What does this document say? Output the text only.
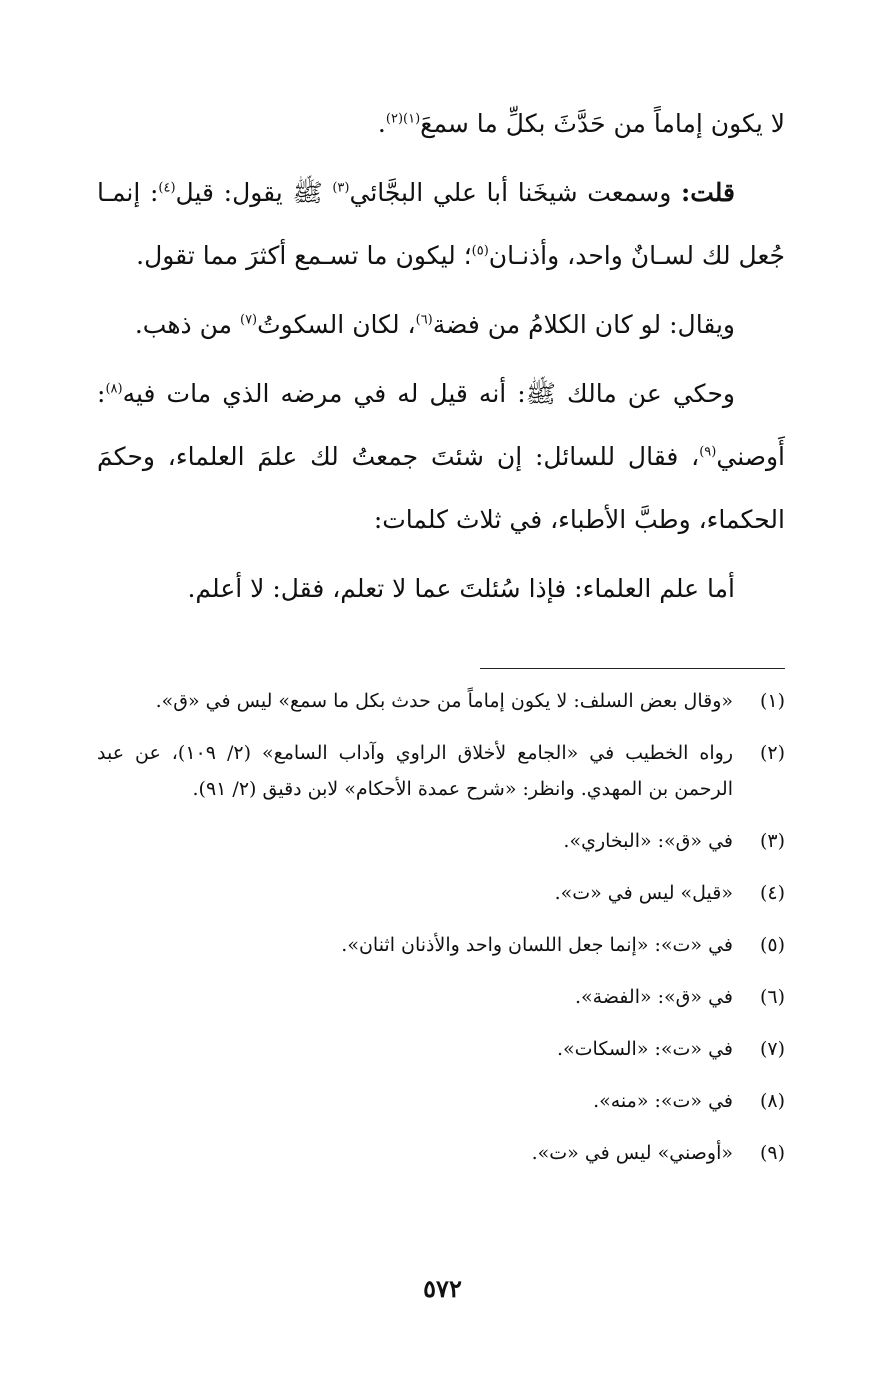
لا يكون إماماً من حَدَّثَ بكلِّ ما سمعَ$^{(١)(٢)}$.

قلت: وسمعت شيخَنا أبا علي البجَّائي$^{(٣)}$ ﷺ يقول: قيل$^{(٤)}$: إنمـا جُعل لك لسـانٌ واحد، وأذنـان$^{(٥)}$؛ ليكون ما تسـمع أكثرَ مما تقول.

ويقال: لو كان الكلامُ من فضة$^{(٦)}$، لكان السكوتُ$^{(٧)}$ من ذهب.

وحكي عن مالك ﷺ: أنه قيل له في مرضه الذي مات فيه$^{(٨)}$: أَوصني$^{(٩)}$، فقال للسائل: إن شئتَ جمعتُ لك علمَ العلماء، وحكمَ الحكماء، وطبَّ الأطباء، في ثلاث كلمات:

أما علم العلماء: فإذا سُئلتَ عما لا تعلم، فقل: لا أعلم.

(١)
«وقال بعض السلف: لا يكون إماماً من حدث بكل ما سمع» ليس في «ق».
(٢)
رواه الخطيب في «الجامع لأخلاق الراوي وآداب السامع» (٢/ ١٠٩)، عن عبد الرحمن بن المهدي. وانظر: «شرح عمدة الأحكام» لابن دقيق (٢/ ٩١).
(٣)
في «ق»: «البخاري».
(٤)
«قيل» ليس في «ت».
(٥)
في «ت»: «إنما جعل اللسان واحد والأذنان اثنان».
(٦)
في «ق»: «الفضة».
(٧)
في «ت»: «السكات».
(٨)
في «ت»: «منه».
(٩)
«أوصني» ليس في «ت».
٥٧٢
